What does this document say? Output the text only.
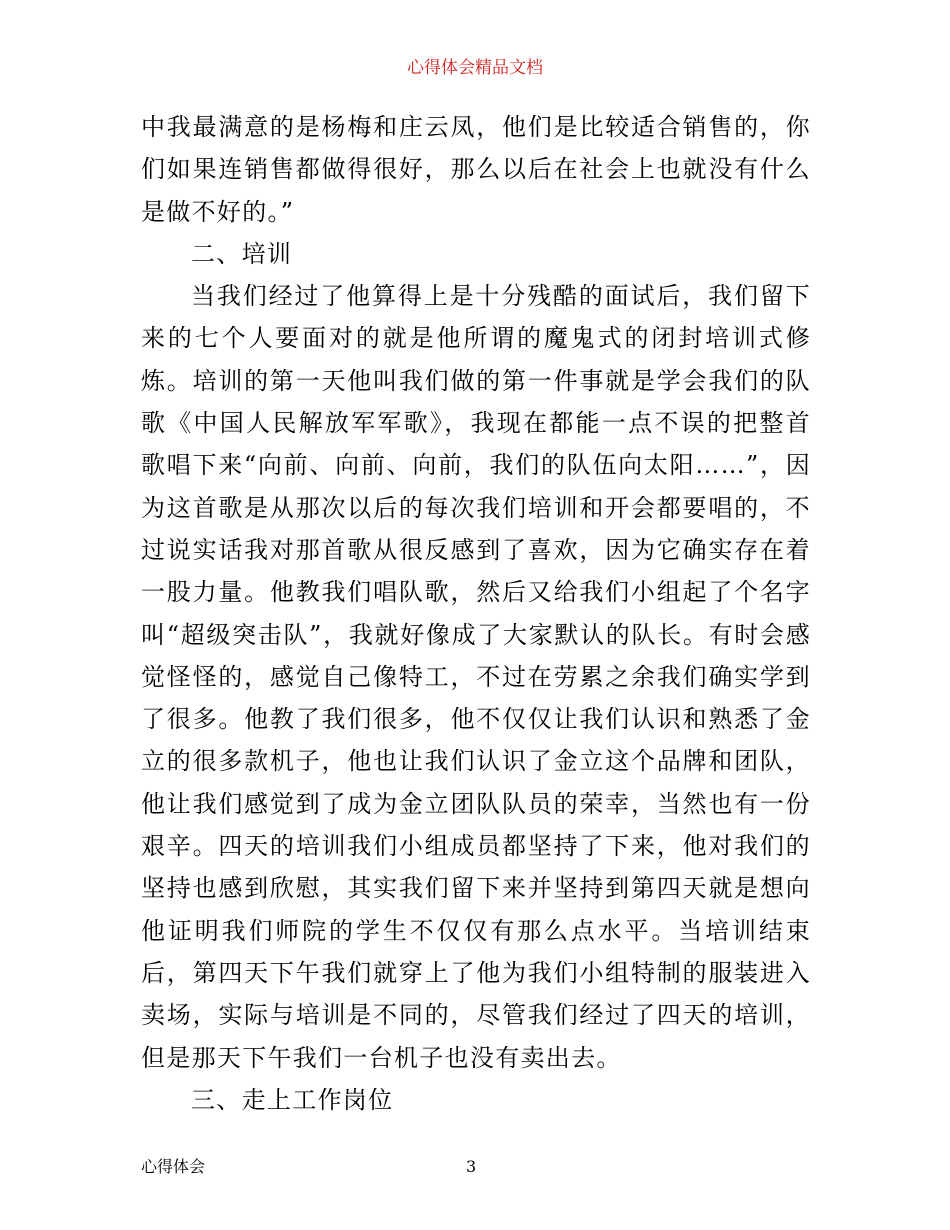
心得体会精品文档

中我最满意的是杨梅和庄云凤，他们是比较适合销售的，你们如果连销售都做得很好，那么以后在社会上也就没有什么是做不好的。”

二、培训

当我们经过了他算得上是十分残酷的面试后，我们留下来的七个人要面对的就是他所谓的魔鬼式的闭封培训式修炼。培训的第一天他叫我们做的第一件事就是学会我们的队歌《中国人民解放军军歌》，我现在都能一点不误的把整首歌唱下来“向前、向前、向前，我们的队伍向太阳……”，因为这首歌是从那次以后的每次我们培训和开会都要唱的，不过说实话我对那首歌从很反感到了喜欢，因为它确实存在着一股力量。他教我们唱队歌，然后又给我们小组起了个名字叫“超级突击队”，我就好像成了大家默认的队长。有时会感觉怪怪的，感觉自己像特工，不过在劳累之余我们确实学到了很多。他教了我们很多，他不仅仅让我们认识和熟悉了金立的很多款机子，他也让我们认识了金立这个品牌和团队，他让我们感觉到了成为金立团队队员的荣幸，当然也有一份艰辛。四天的培训我们小组成员都坚持了下来，他对我们的坚持也感到欣慰，其实我们留下来并坚持到第四天就是想向他证明我们师院的学生不仅仅有那么点水平。当培训结束后，第四天下午我们就穿上了他为我们小组特制的服装进入卖场，实际与培训是不同的，尽管我们经过了四天的培训，但是那天下午我们一台机子也没有卖出去。

三、走上工作岗位

心得体会	3
